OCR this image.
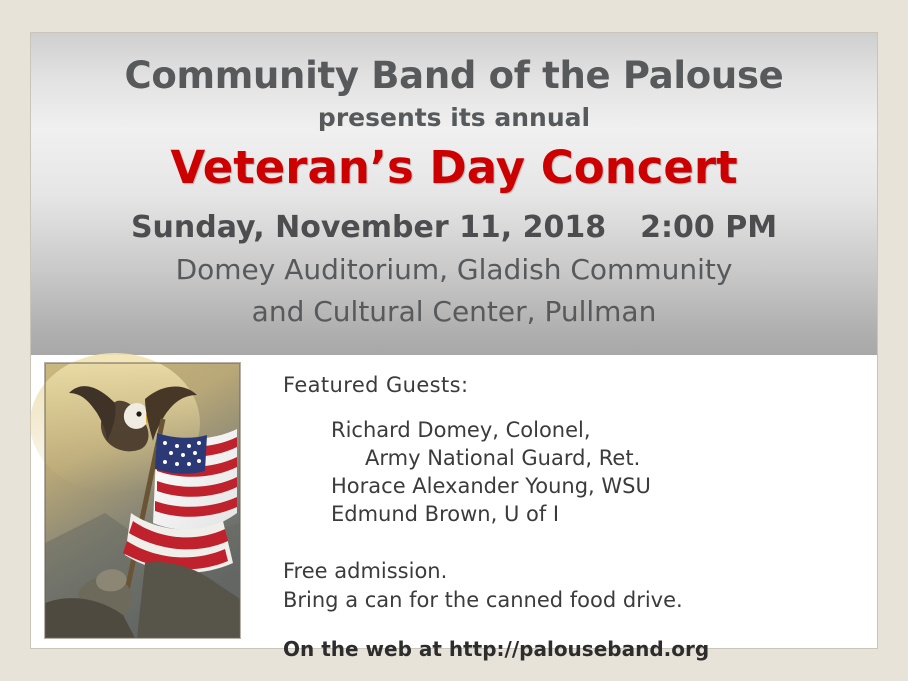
Community Band of the Palouse
presents its annual
Veteran’s Day Concert
Sunday, November 11, 2018 2:00 PM
Domey Auditorium, Gladish Community
and Cultural Center, Pullman
Featured Guests:
Richard Domey, Colonel,
Army National Guard, Ret.
Horace Alexander Young, WSU
Edmund Brown, U of I
Free admission.
Bring a can for the canned food drive.
On the web at http://palouseband.org
